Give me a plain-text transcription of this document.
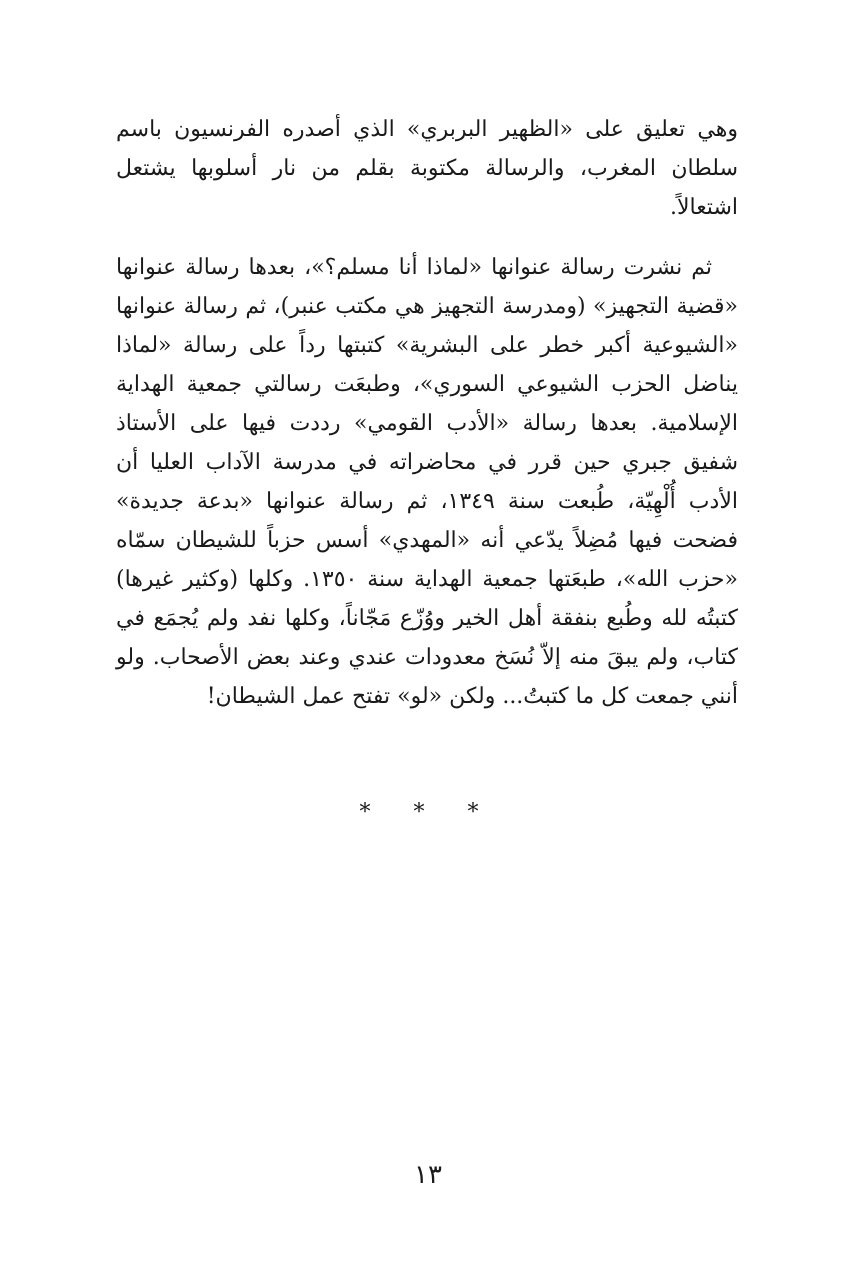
وهي تعليق على «الظهير البربري» الذي أصدره الفرنسيون باسم سلطان المغرب، والرسالة مكتوبة بقلم من نار أسلوبها يشتعل اشتعالاً.

ثم نشرت رسالة عنوانها «لماذا أنا مسلم؟»، بعدها رسالة عنوانها «قضية التجهيز» (ومدرسة التجهيز هي مكتب عنبر)، ثم رسالة عنوانها «الشيوعية أكبر خطر على البشرية» كتبتها رداً على رسالة «لماذا يناضل الحزب الشيوعي السوري»، وطبعَت رسالتي جمعية الهداية الإسلامية. بعدها رسالة «الأدب القومي» رددت فيها على الأستاذ شفيق جبري حين قرر في محاضراته في مدرسة الآداب العليا أن الأدب أُلْهِيّة، طُبعت سنة ١٣٤٩، ثم رسالة عنوانها «بدعة جديدة» فضحت فيها مُضِلاً يدّعي أنه «المهدي» أسس حزباً للشيطان سمّاه «حزب الله»، طبعَتها جمعية الهداية سنة ١٣٥٠. وكلها (وكثير غيرها) كتبتُه لله وطُبع بنفقة أهل الخير ووُزّع مَجّاناً، وكلها نفد ولم يُجمَع في كتاب، ولم يبقَ منه إلاّ نُسَخ معدودات عندي وعند بعض الأصحاب. ولو أنني جمعت كل ما كتبتُ... ولكن «لو» تفتح عمل الشيطان!

* * *
١٣
